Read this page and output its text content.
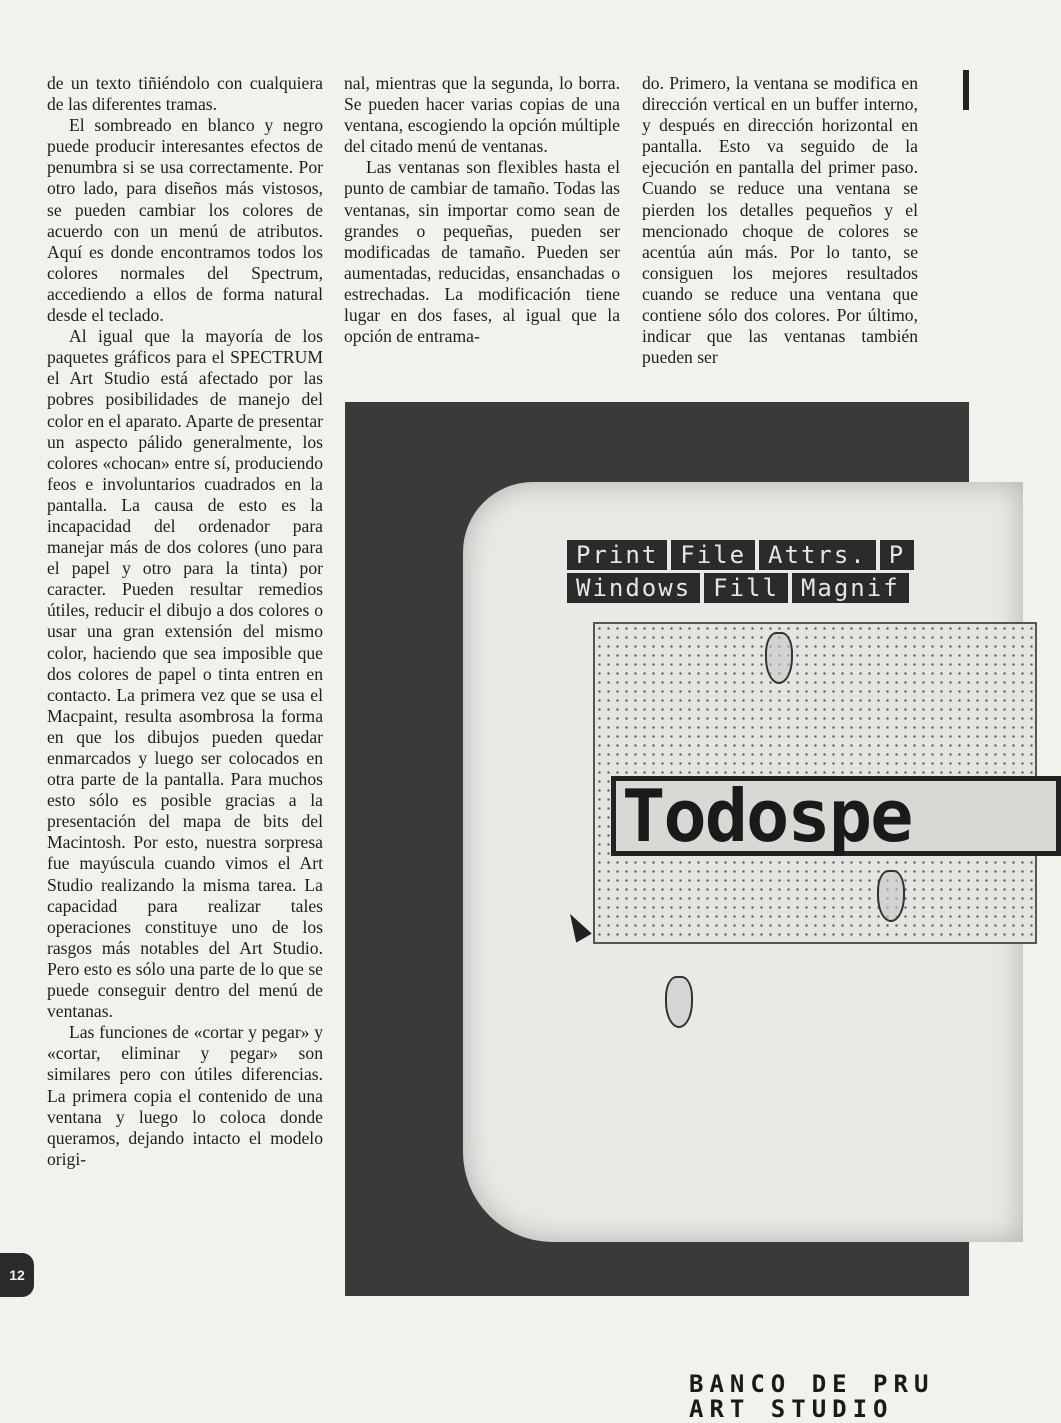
de un texto tiñiéndolo con cualquiera de las diferentes tramas.

El sombreado en blanco y negro puede producir interesantes efectos de penumbra si se usa correctamente. Por otro lado, para diseños más vistosos, se pueden cambiar los colores de acuerdo con un menú de atributos. Aquí es donde encontramos todos los colores normales del Spectrum, accediendo a ellos de forma natural desde el teclado.

Al igual que la mayoría de los paquetes gráficos para el SPECTRUM el Art Studio está afectado por las pobres posibilidades de manejo del color en el aparato. Aparte de presentar un aspecto pálido generalmente, los colores «chocan» entre sí, produciendo feos e involuntarios cuadrados en la pantalla. La causa de esto es la incapacidad del ordenador para manejar más de dos colores (uno para el papel y otro para la tinta) por caracter. Pueden resultar remedios útiles, reducir el dibujo a dos colores o usar una gran extensión del mismo color, haciendo que sea imposible que dos colores de papel o tinta entren en contacto. La primera vez que se usa el Macpaint, resulta asombrosa la forma en que los dibujos pueden quedar enmarcados y luego ser colocados en otra parte de la pantalla. Para muchos esto sólo es posible gracias a la presentación del mapa de bits del Macintosh. Por esto, nuestra sorpresa fue mayúscula cuando vimos el Art Studio realizando la misma tarea. La capacidad para realizar tales operaciones constituye uno de los rasgos más notables del Art Studio. Pero esto es sólo una parte de lo que se puede conseguir dentro del menú de ventanas.

Las funciones de «cortar y pegar» y «cortar, eliminar y pegar» son similares pero con útiles diferencias. La primera copia el contenido de una ventana y luego lo coloca donde queramos, dejando intacto el modelo origi-

nal, mientras que la segunda, lo borra. Se pueden hacer varias copias de una ventana, escogiendo la opción múltiple del citado menú de ventanas.

Las ventanas son flexibles hasta el punto de cambiar de tamaño. Todas las ventanas, sin importar como sean de grandes o pequeñas, pueden ser modificadas de tamaño. Pueden ser aumentadas, reducidas, ensanchadas o estrechadas. La modificación tiene lugar en dos fases, al igual que la opción de entrama-

do. Primero, la ventana se modifica en dirección vertical en un buffer interno, y después en dirección horizontal en pantalla. Esto va seguido de la ejecución en pantalla del primer paso. Cuando se reduce una ventana se pierden los detalles pequeños y el mencionado choque de colores se acentúa aún más. Por lo tanto, se consiguen los mejores resultados cuando se reduce una ventana que contiene sólo dos colores. Por último, indicar que las ventanas también pueden ser

Print File Attrs. P
Windows Fill Magnif
Todospe
BANCO DE PRU
ART STUDIO
12
